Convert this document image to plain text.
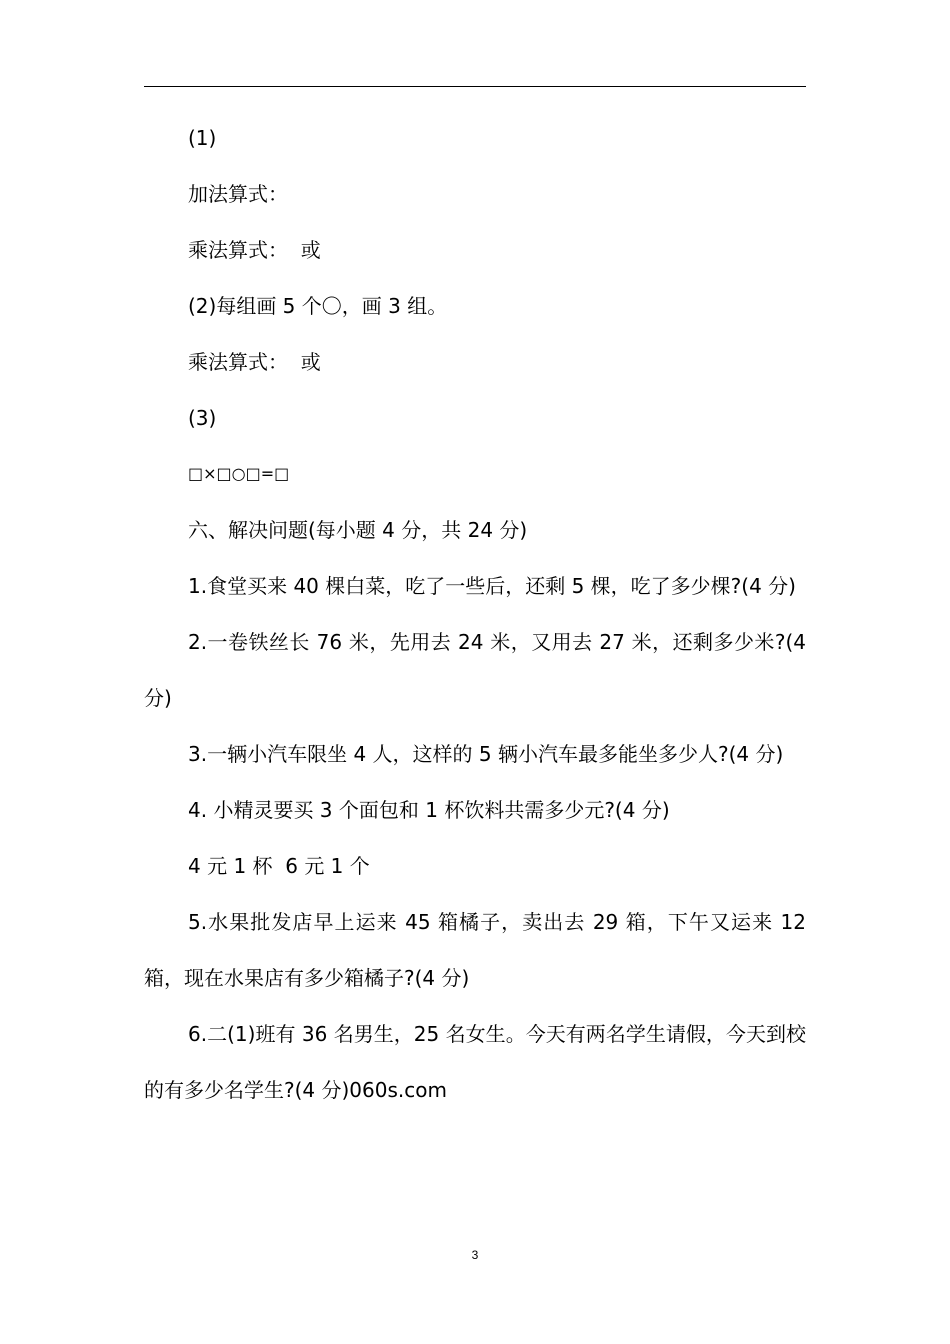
(1)

加法算式：

乘法算式：  或

(2)每组画 5 个〇，画 3 组。

乘法算式：  或

(3)

□×□○□=□

六、解决问题(每小题 4 分，共 24 分)

1.食堂买来 40 棵白菜，吃了一些后，还剩 5 棵，吃了多少棵?(4 分)

2.一卷铁丝长 76 米，先用去 24 米，又用去 27 米，还剩多少米?(4 分)

3.一辆小汽车限坐 4 人，这样的 5 辆小汽车最多能坐多少人?(4 分)

4. 小精灵要买 3 个面包和 1 杯饮料共需多少元?(4 分)

4 元 1 杯  6 元 1 个

5.水果批发店早上运来 45 箱橘子，卖出去 29 箱，下午又运来 12 箱，现在水果店有多少箱橘子?(4 分)

6.二(1)班有 36 名男生，25 名女生。今天有两名学生请假，今天到校的有多少名学生?(4 分)060s.com

3
